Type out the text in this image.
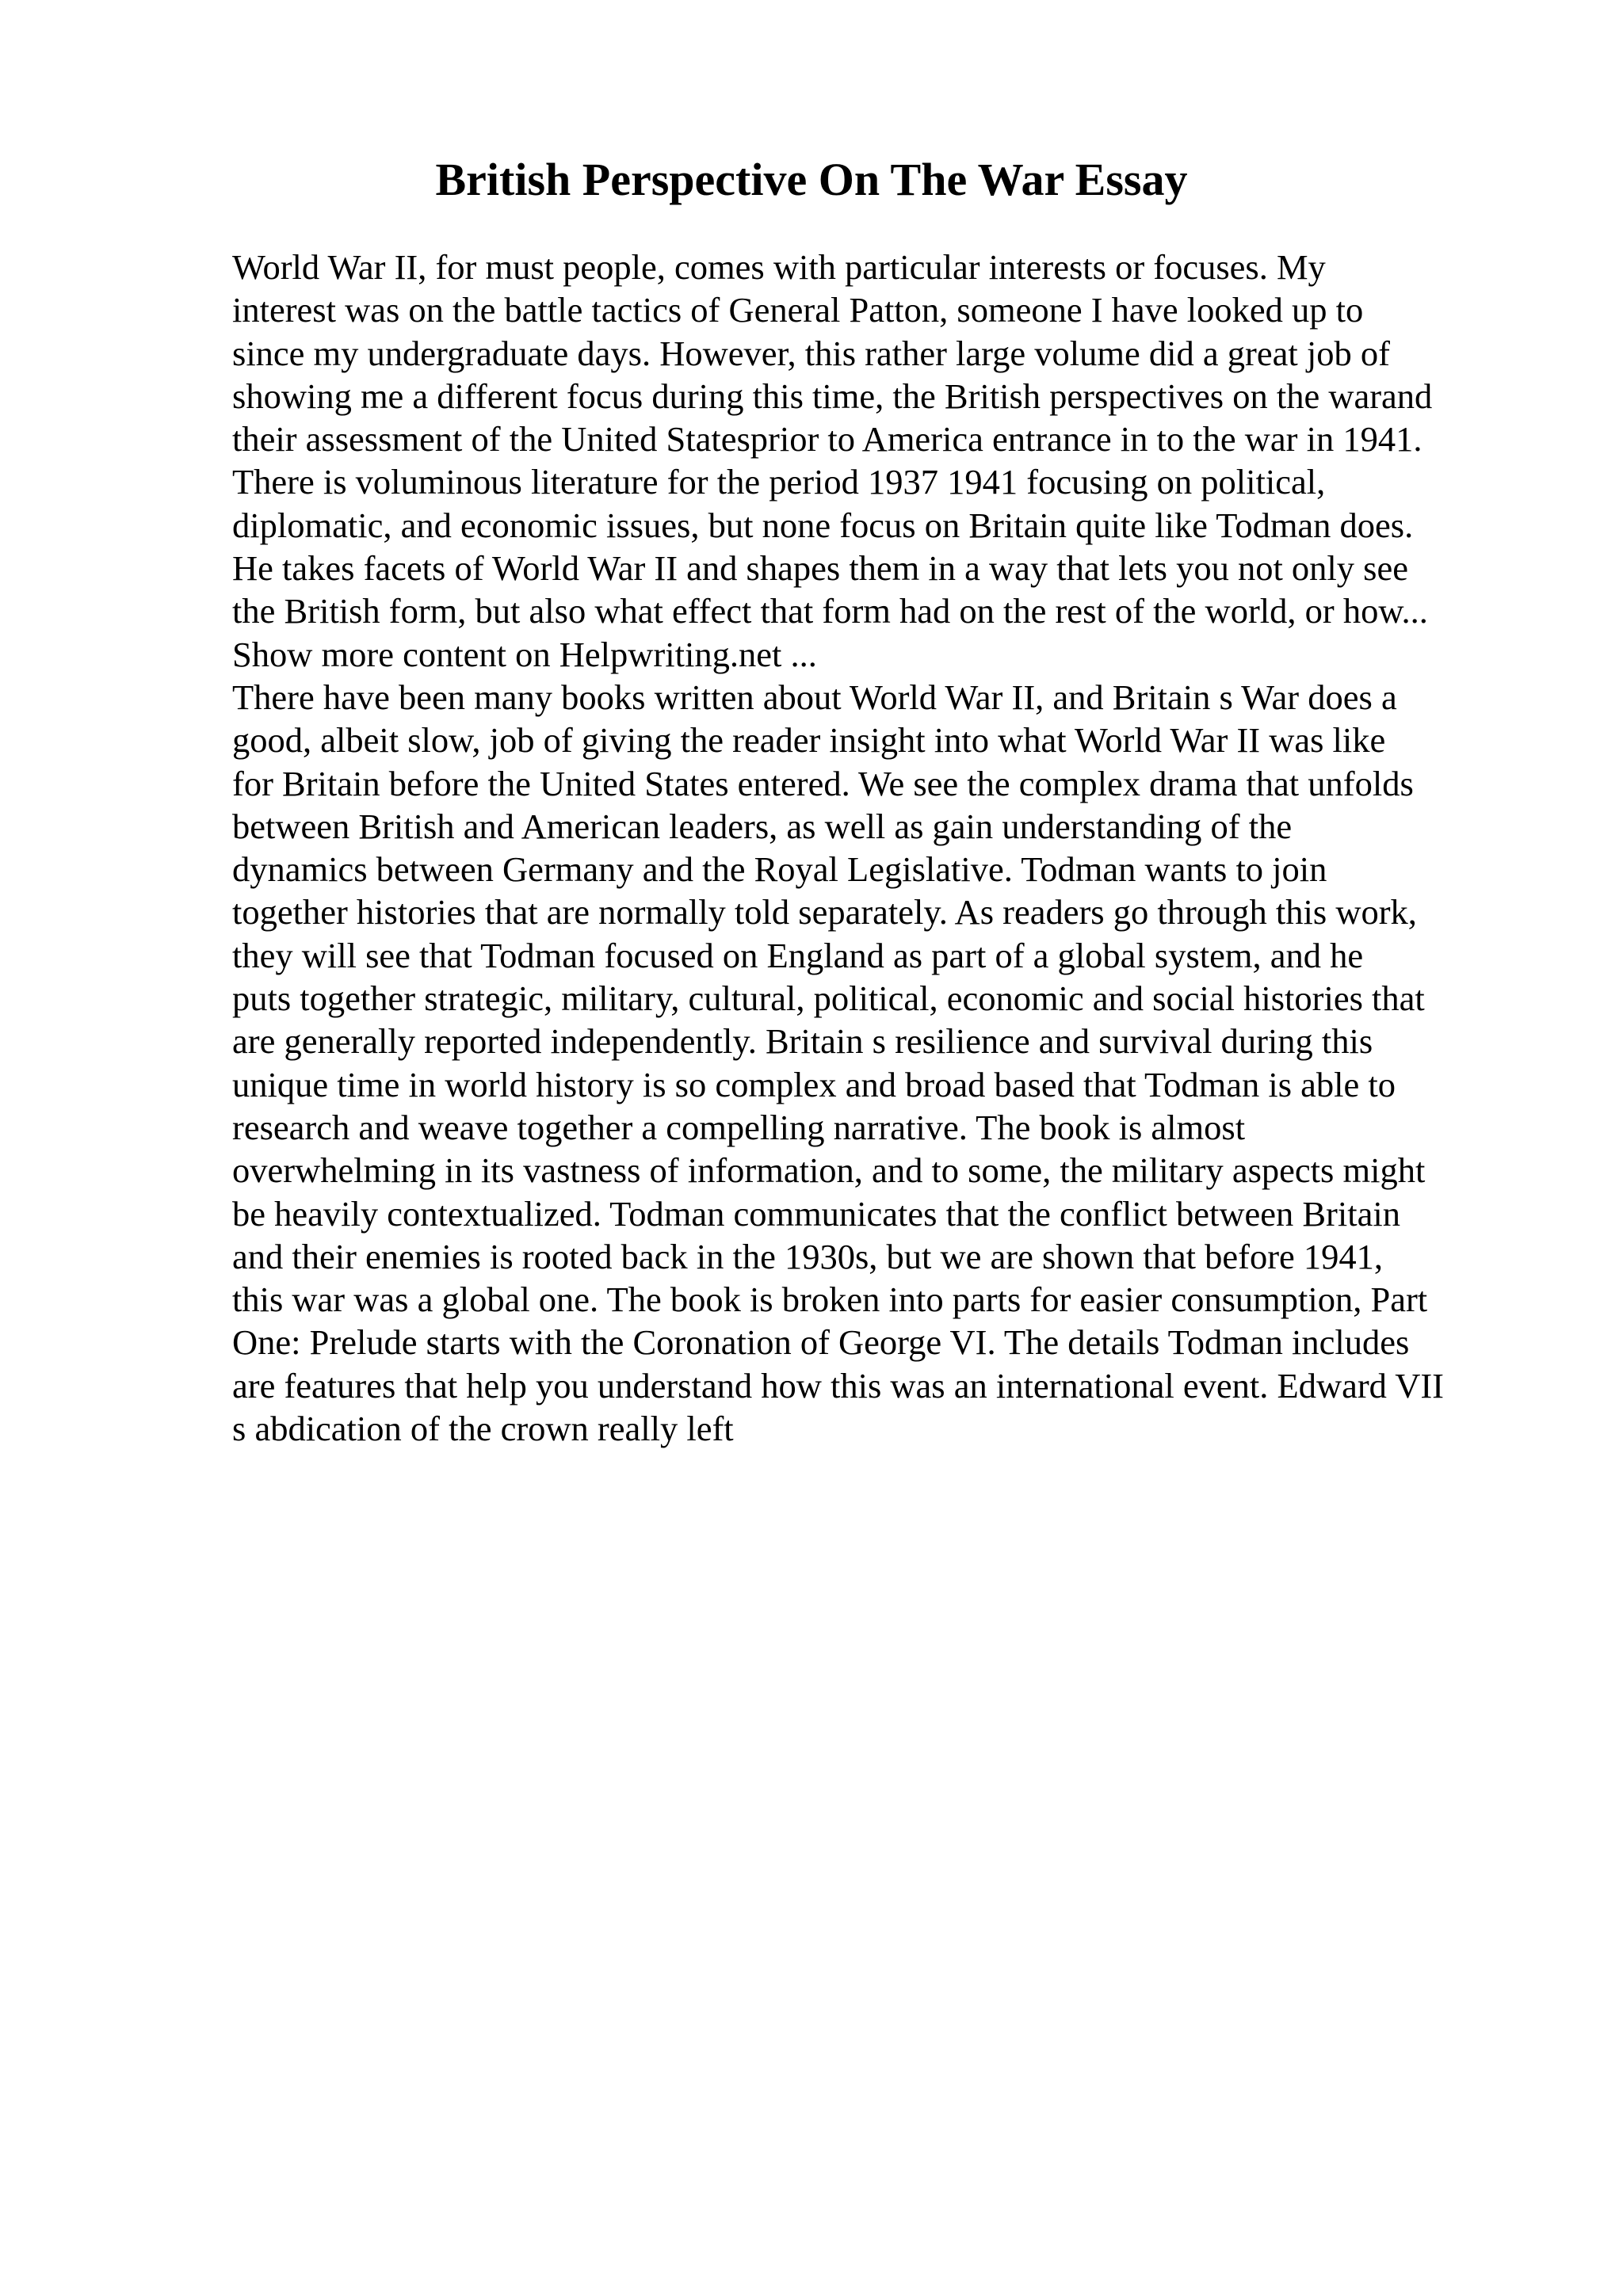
British Perspective On The War Essay
World War II, for must people, comes with particular interests or focuses. My
interest was on the battle tactics of General Patton, someone I have looked up to
since my undergraduate days. However, this rather large volume did a great job of
showing me a different focus during this time, the British perspectives on the warand
their assessment of the United Statesprior to America entrance in to the war in 1941.
There is voluminous literature for the period 1937 1941 focusing on political,
diplomatic, and economic issues, but none focus on Britain quite like Todman does.
He takes facets of World War II and shapes them in a way that lets you not only see
the British form, but also what effect that form had on the rest of the world, or how...
Show more content on Helpwriting.net ...
There have been many books written about World War II, and Britain s War does a
good, albeit slow, job of giving the reader insight into what World War II was like
for Britain before the United States entered. We see the complex drama that unfolds
between British and American leaders, as well as gain understanding of the
dynamics between Germany and the Royal Legislative. Todman wants to join
together histories that are normally told separately. As readers go through this work,
they will see that Todman focused on England as part of a global system, and he
puts together strategic, military, cultural, political, economic and social histories that
are generally reported independently. Britain s resilience and survival during this
unique time in world history is so complex and broad based that Todman is able to
research and weave together a compelling narrative. The book is almost
overwhelming in its vastness of information, and to some, the military aspects might
be heavily contextualized. Todman communicates that the conflict between Britain
and their enemies is rooted back in the 1930s, but we are shown that before 1941,
this war was a global one. The book is broken into parts for easier consumption, Part
One: Prelude starts with the Coronation of George VI. The details Todman includes
are features that help you understand how this was an international event. Edward VII
s abdication of the crown really left
